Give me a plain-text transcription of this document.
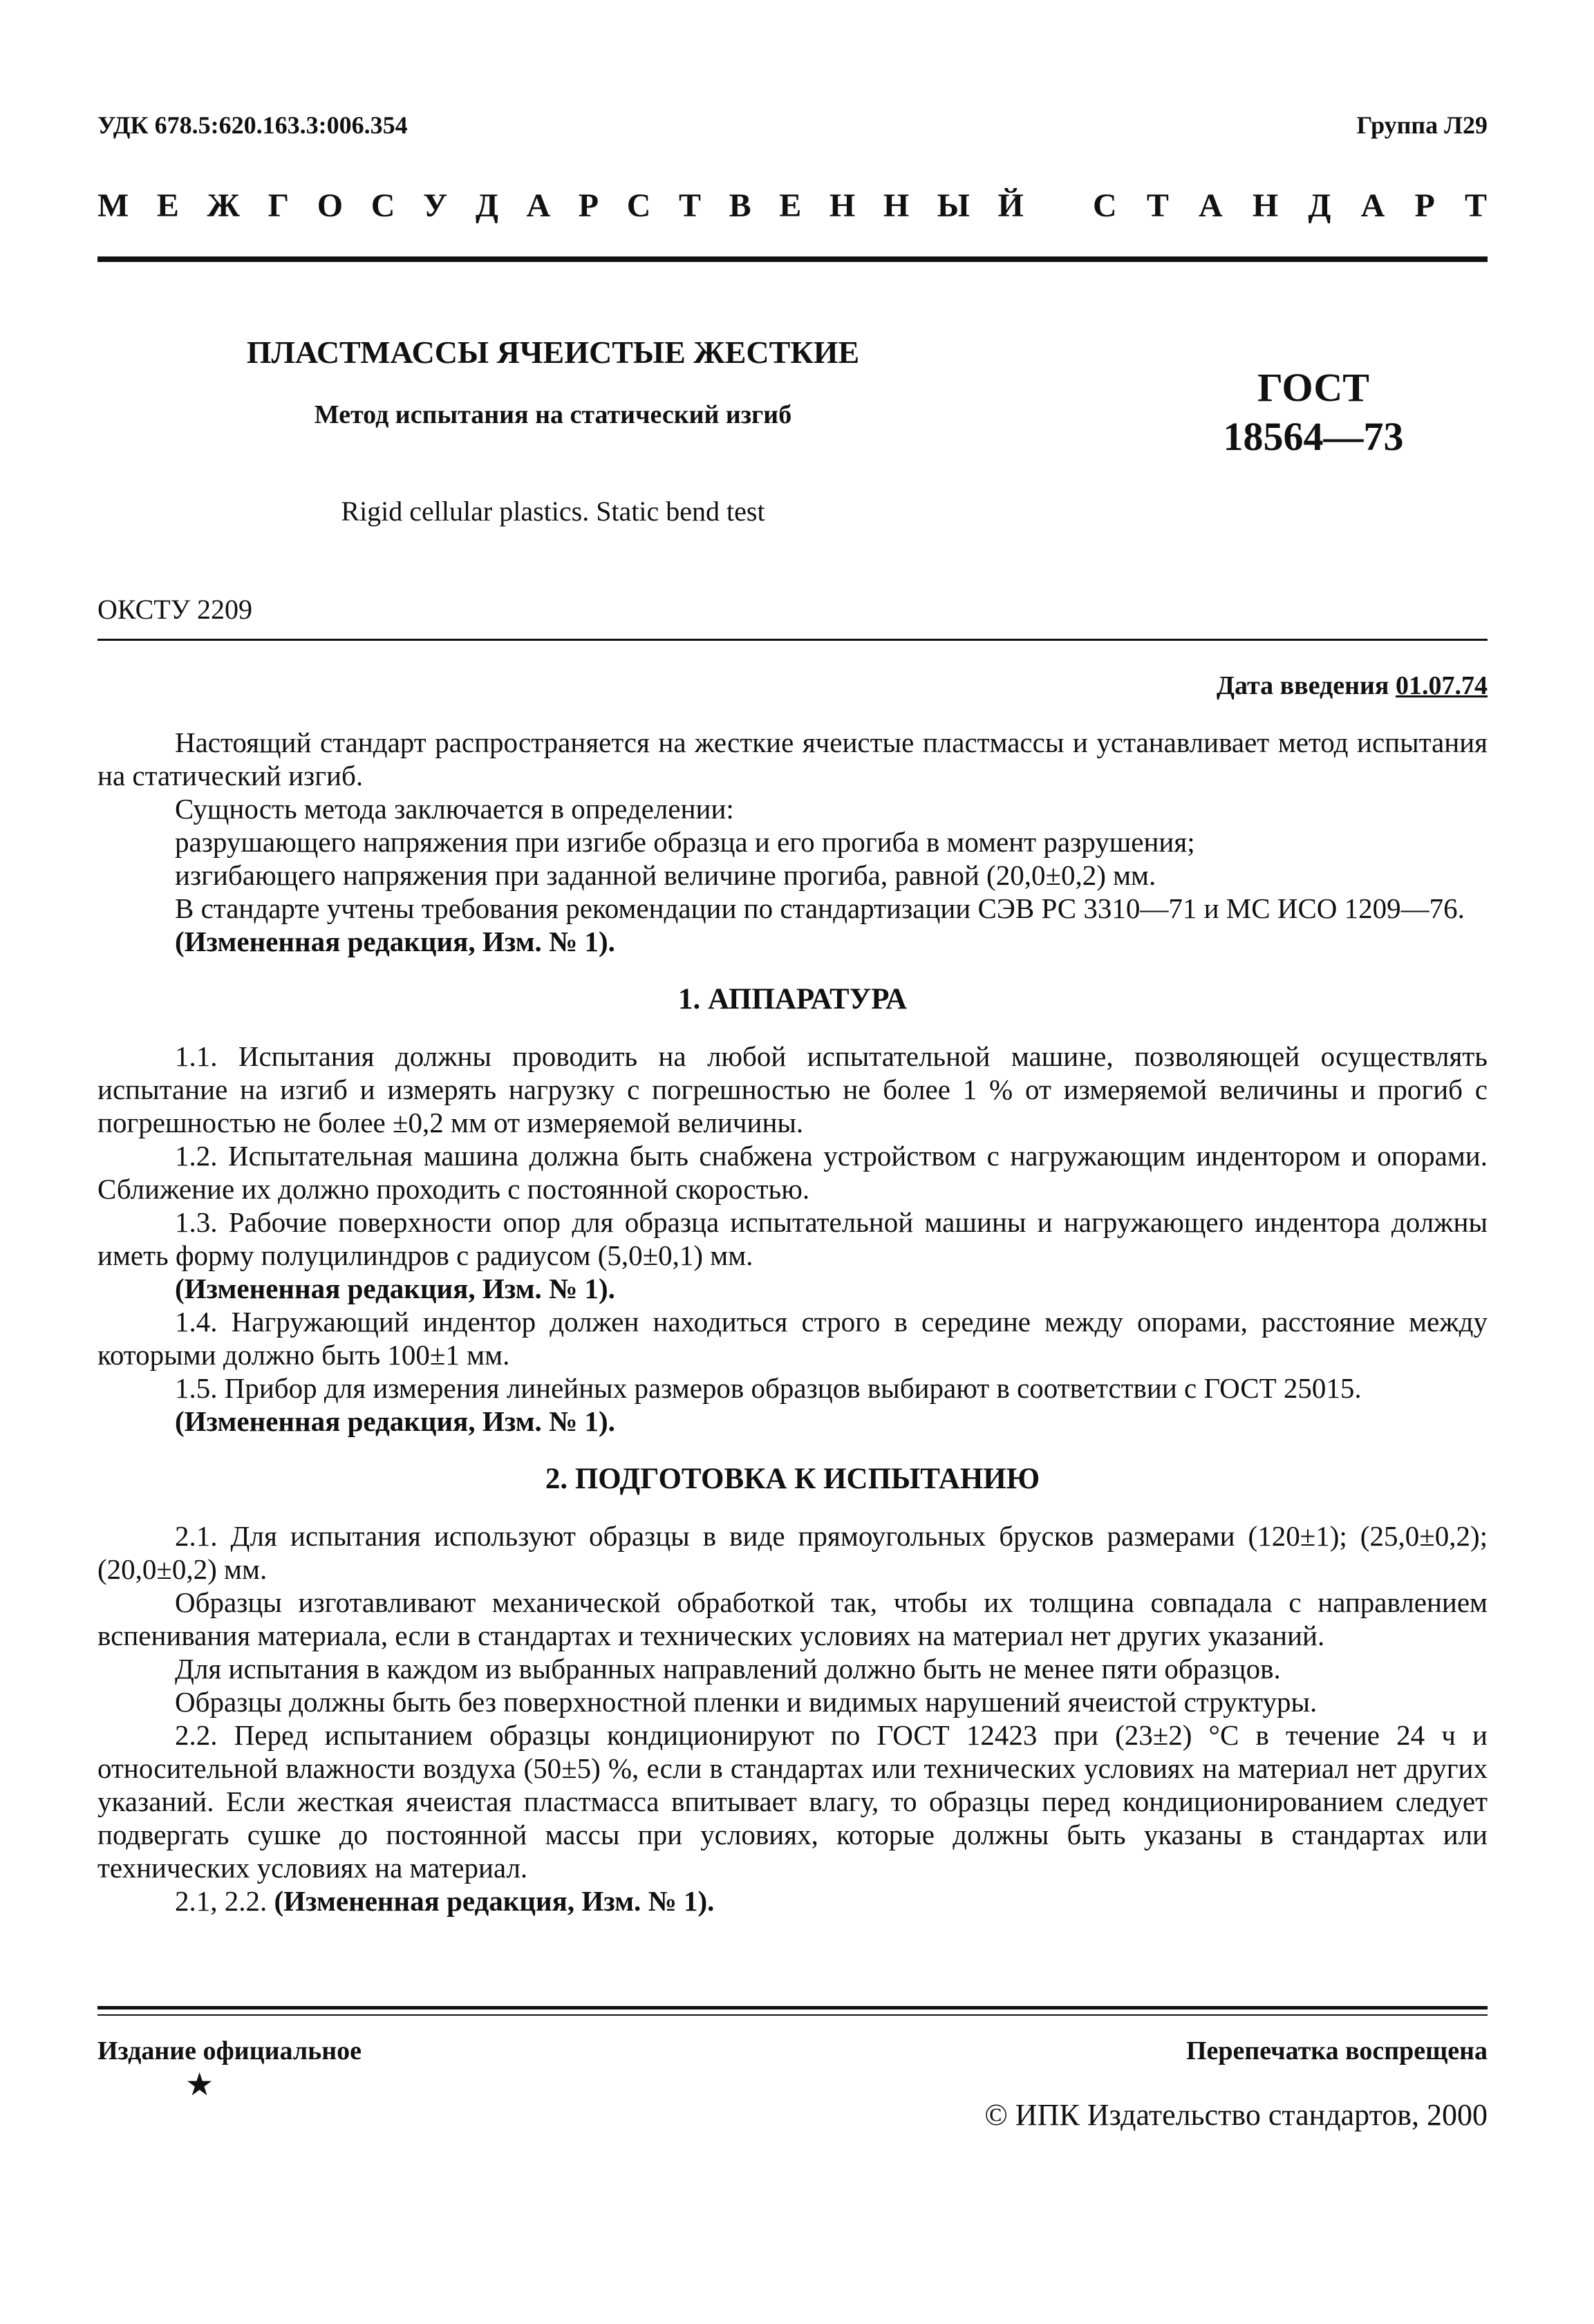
УДК 678.5:620.163.3:006.354	Группа Л29
М Е Ж Г О С У Д А Р С Т В Е Н Н Ы Й С Т А Н Д А Р Т
ПЛАСТМАССЫ ЯЧЕИСТЫЕ ЖЕСТКИЕ
Метод испытания на статический изгиб
Rigid cellular plastics. Static bend test
ГОСТ
18564—73
ОКСТУ 2209
Дата введения 01.07.74

Настоящий стандарт распространяется на жесткие ячеистые пластмассы и устанавливает метод испытания на статический изгиб.

Сущность метода заключается в определении:

разрушающего напряжения при изгибе образца и его прогиба в момент разрушения;

изгибающего напряжения при заданной величине прогиба, равной (20,0±0,2) мм.

В стандарте учтены требования рекомендации по стандартизации СЭВ РС 3310—71 и МС ИСО 1209—76.

(Измененная редакция, Изм. № 1).

1. АППАРАТУРА

1.1. Испытания должны проводить на любой испытательной машине, позволяющей осуществлять испытание на изгиб и измерять нагрузку с погрешностью не более 1 % от измеряемой величины и прогиб с погрешностью не более ±0,2 мм от измеряемой величины.

1.2. Испытательная машина должна быть снабжена устройством с нагружающим индентором и опорами. Сближение их должно проходить с постоянной скоростью.

1.3. Рабочие поверхности опор для образца испытательной машины и нагружающего индентора должны иметь форму полуцилиндров с радиусом (5,0±0,1) мм.

(Измененная редакция, Изм. № 1).

1.4. Нагружающий индентор должен находиться строго в середине между опорами, расстояние между которыми должно быть 100±1 мм.

1.5. Прибор для измерения линейных размеров образцов выбирают в соответствии с ГОСТ 25015.

(Измененная редакция, Изм. № 1).

2. ПОДГОТОВКА К ИСПЫТАНИЮ

2.1. Для испытания используют образцы в виде прямоугольных брусков размерами (120±1); (25,0±0,2); (20,0±0,2) мм.

Образцы изготавливают механической обработкой так, чтобы их толщина совпадала с направлением вспенивания материала, если в стандартах и технических условиях на материал нет других указаний.

Для испытания в каждом из выбранных направлений должно быть не менее пяти образцов.

Образцы должны быть без поверхностной пленки и видимых нарушений ячеистой структуры.

2.2. Перед испытанием образцы кондиционируют по ГОСТ 12423 при (23±2) °С в течение 24 ч и относительной влажности воздуха (50±5) %, если в стандартах или технических условиях на материал нет других указаний. Если жесткая ячеистая пластмасса впитывает влагу, то образцы перед кондиционированием следует подвергать сушке до постоянной массы при условиях, которые должны быть указаны в стандартах или технических условиях на материал.

2.1, 2.2. (Измененная редакция, Изм. № 1).

Издание официальное
★
Перепечатка воспрещена
© ИПК Издательство стандартов, 2000
